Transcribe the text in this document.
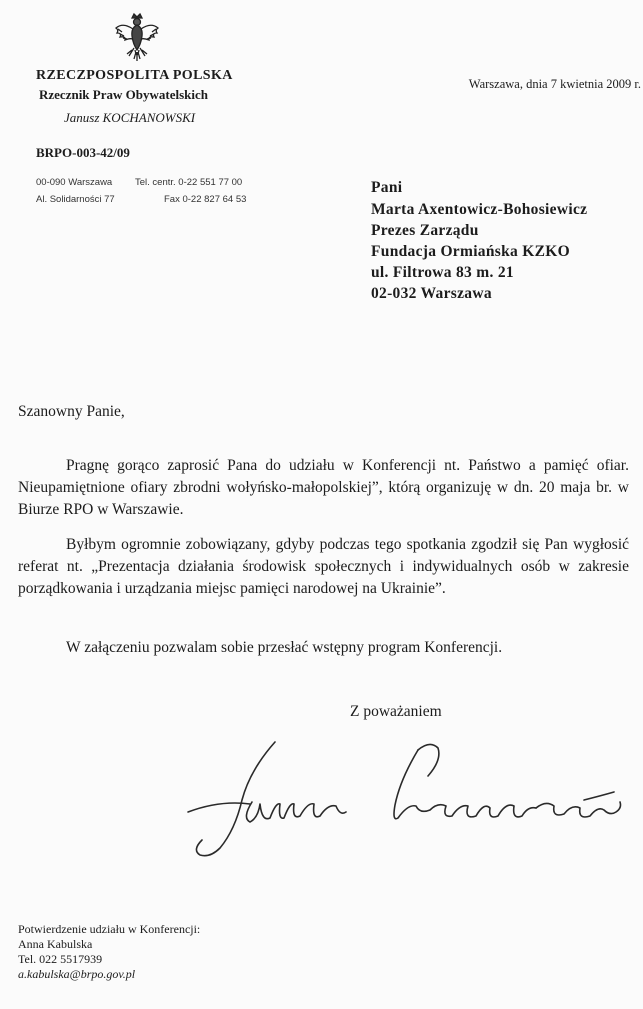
RZECZPOSPOLITA POLSKA
Rzecznik Praw Obywatelskich
Janusz KOCHANOWSKI
BRPO-003-42/09
00-090 Warszawa
Al. Solidarności 77
Tel. centr. 0-22 551 77 00
Fax 0-22 827 64 53
Warszawa, dnia 7 kwietnia 2009 r.
Pani
Marta Axentowicz-Bohosiewicz
Prezes Zarządu
Fundacja Ormiańska KZKO
ul. Filtrowa 83 m. 21
02-032 Warszawa

Szanowny Panie,

Pragnę gorąco zaprosić Pana do udziału w Konferencji nt. Państwo a pamięć ofiar. Nieupamiętnione ofiary zbrodni wołyńsko-małopolskiej”, którą organizuję w dn. 20 maja br. w Biurze RPO w Warszawie.

Byłbym ogromnie zobowiązany, gdyby podczas tego spotkania zgodził się Pan wygłosić referat nt. „Prezentacja działania środowisk społecznych i indywidualnych osób w zakresie porządkowania i urządzania miejsc pamięci narodowej na Ukrainie”.

W załączeniu pozwalam sobie przesłać wstępny program Konferencji.

Z poważaniem
Potwierdzenie udziału w Konferencji:
Anna Kabulska
Tel. 022 5517939
a.kabulska@brpo.gov.pl
